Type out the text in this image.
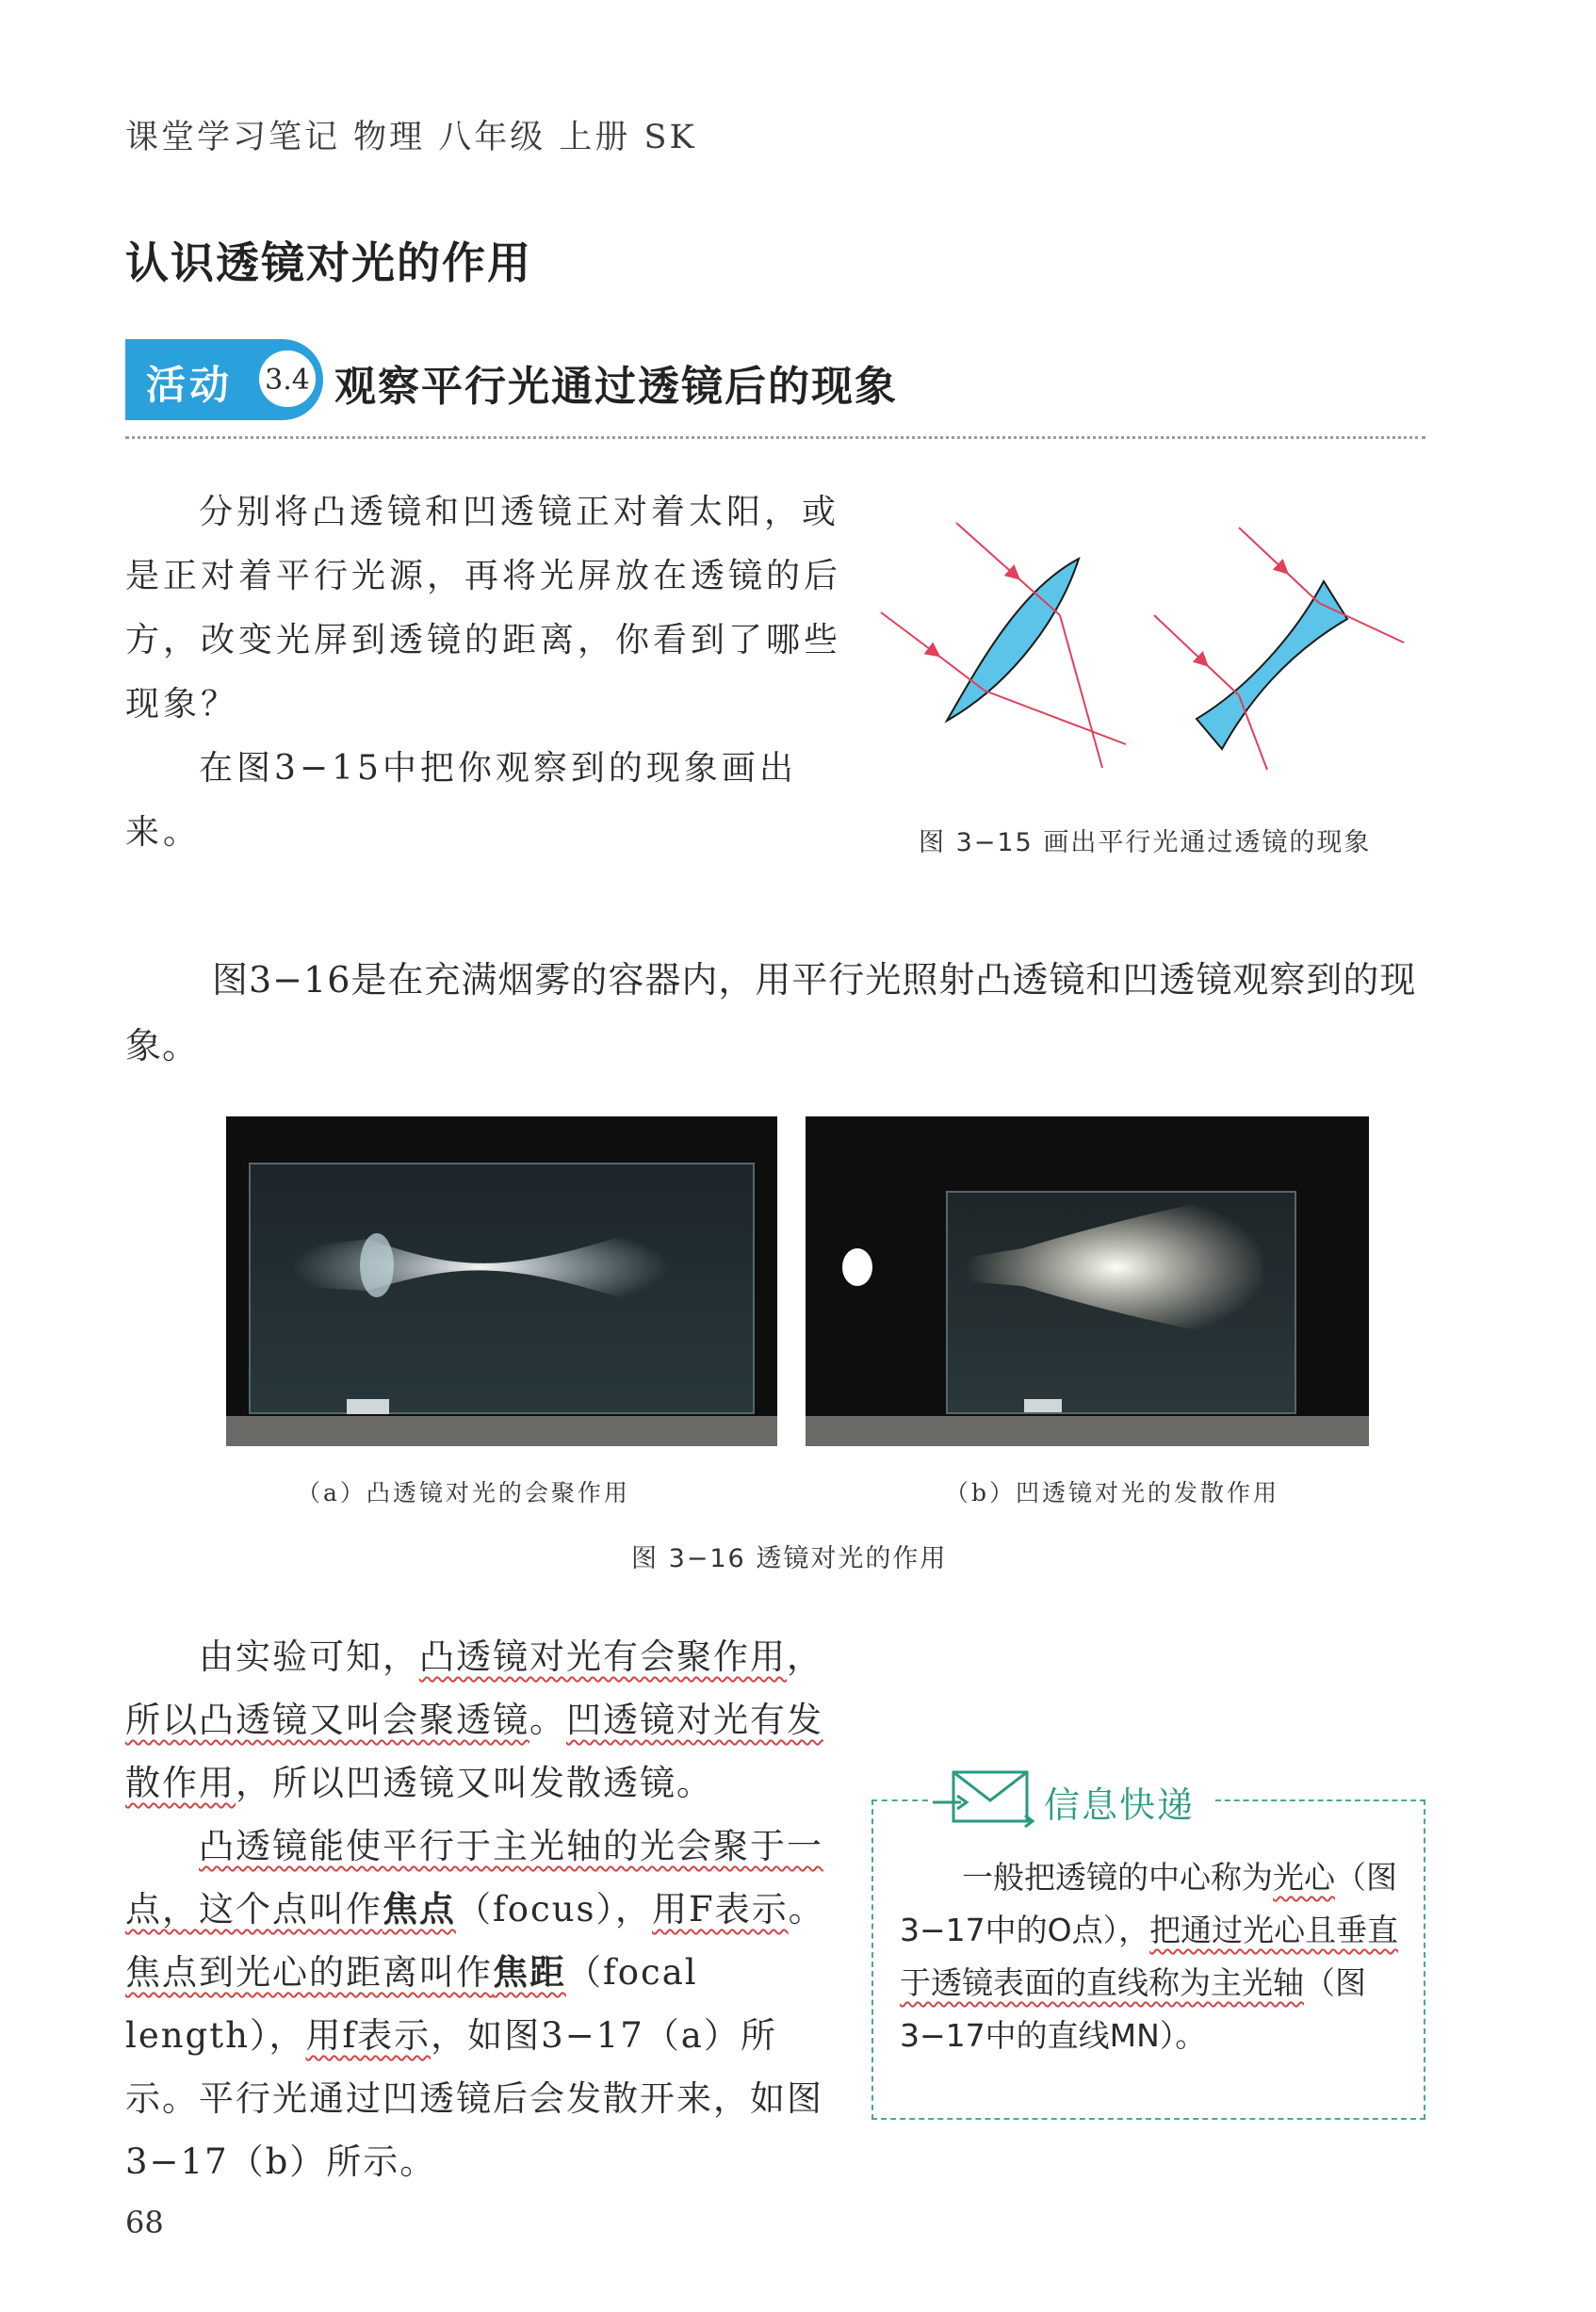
课堂学习笔记 物理 八年级 上册 SK
认识透镜对光的作用
活动 3.4 观察平行光通过透镜后的现象
分别将凸透镜和凹透镜正对着太阳，或是正对着平行光源，再将光屏放在透镜的后方，改变光屏到透镜的距离，你看到了哪些现象？
在图3−15中把你观察到的现象画出来。	图 3−15 画出平行光通过透镜的现象
图3−16是在充满烟雾的容器内，用平行光照射凸透镜和凹透镜观察到的现象。
（a）凸透镜对光的会聚作用	（b）凹透镜对光的发散作用
图 3−16 透镜对光的作用
由实验可知，凸透镜对光有会聚作用，所以凸透镜又叫会聚透镜。凹透镜对光有发散作用，所以凹透镜又叫发散透镜。
凸透镜能使平行于主光轴的光会聚于一点，这个点叫作焦点（focus），用F表示。焦点到光心的距离叫作焦距（focal length），用f表示，如图3−17（a）所示。平行光通过凹透镜后会发散开来，如图3−17（b）所示。
68
信息快递
一般把透镜的中心称为光心（图3−17中的O点），把通过光心且垂直于透镜表面的直线称为主光轴（图3−17中的直线MN）。
